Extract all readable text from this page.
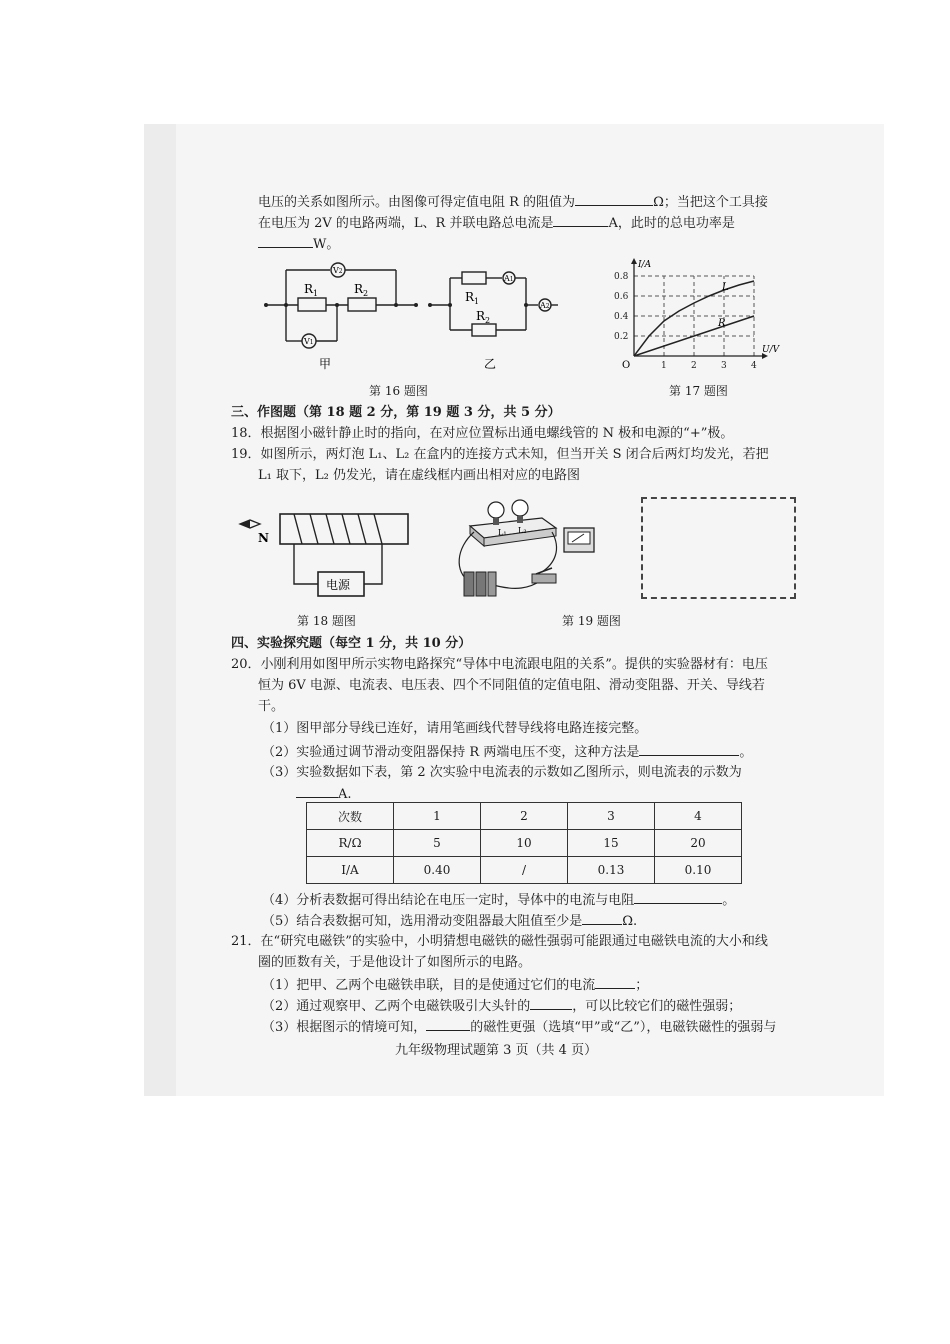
电压的关系如图所示。由图像可得定值电阻 R 的阻值为	Ω；当把这个工具接
在电压为 2V 的电路两端，L、R 并联电路总电流是	A，此时的总电功率是
W。
$R_1$	$R_2$
V2
V1
$R_1$
$R_2$
A1
A2
甲	乙
第 16 题图
1	2	3	4
0.2
0.4
0.6
0.8
I/A
U/V
O
L
R
第 17 题图
三、作图题（第 18 题 2 分，第 19 题 3 分，共 5 分）
18．根据图小磁针静止时的指向，在对应位置标出通电螺线管的 N 极和电源的“+”极。
19．如图所示，两灯泡 L₁、L₂ 在盒内的连接方式未知，但当开关 S 闭合后两灯均发光，若把
L₁ 取下，L₂ 仍发光，请在虚线框内画出相对应的电路图
N
电源
第 18 题图
L₁ L₂
第 19 题图
四、实验探究题（每空 1 分，共 10 分）
20．小刚利用如图甲所示实物电路探究“导体中电流跟电阻的关系”。提供的实验器材有：电压
恒为 6V 电源、电流表、电压表、四个不同阻值的定值电阻、滑动变阻器、开关、导线若
干。
（1）图甲部分导线已连好，请用笔画线代替导线将电路连接完整。
（2）实验通过调节滑动变阻器保持 R 两端电压不变，这种方法是	。
（3）实验数据如下表，第 2 次实验中电流表的示数如乙图所示，则电流表的示数为
A.
次数	1	2	3	4
R/Ω	5	10	15	20
I/A	0.40	/	0.13	0.10
（4）分析表数据可得出结论在电压一定时，导体中的电流与电阻	。
（5）结合表数据可知，选用滑动变阻器最大阻值至少是	Ω.
21．在“研究电磁铁”的实验中，小明猜想电磁铁的磁性强弱可能跟通过电磁铁电流的大小和线
圈的匝数有关，于是他设计了如图所示的电路。
（1）把甲、乙两个电磁铁串联，目的是使通过它们的电流	；
（2）通过观察甲、乙两个电磁铁吸引大头针的	，可以比较它们的磁性强弱；
（3）根据图示的情境可知，	的磁性更强（选填“甲”或“乙”），电磁铁磁性的强弱与
九年级物理试题第 3 页（共 4 页）
